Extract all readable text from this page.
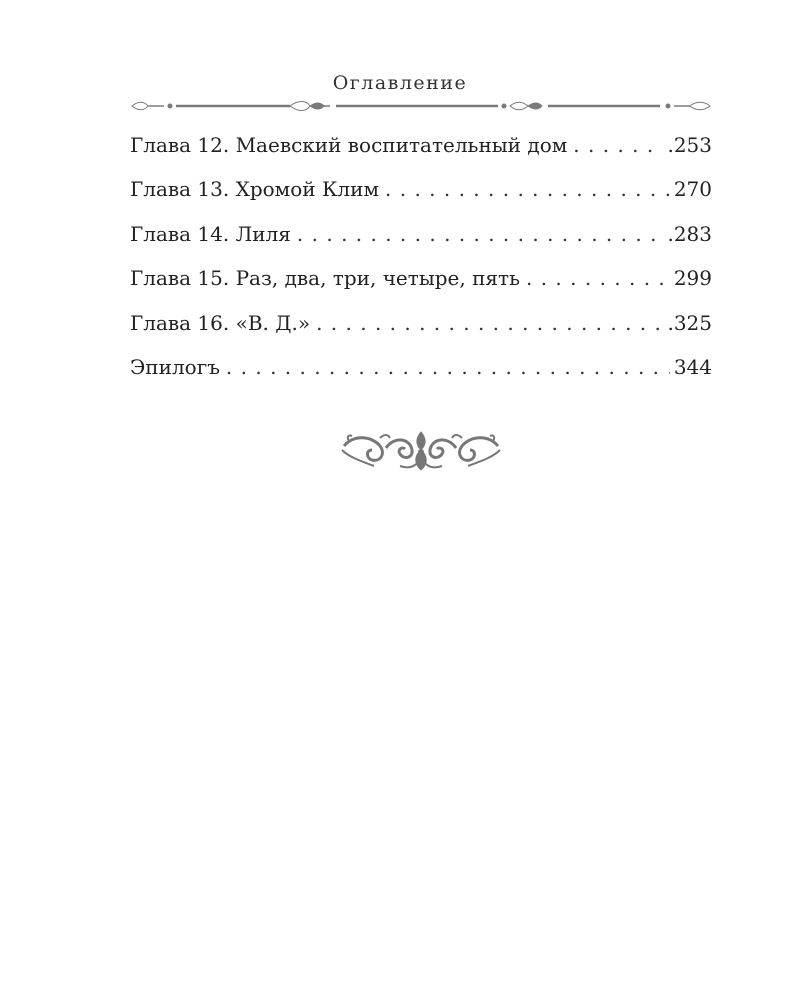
Оглавление
Глава 12. Маевский воспитательный дом . . .	.253
Глава 13. Хромой Клим . . .	270
Глава 14. Лиля . . .	.283
Глава 15. Раз, два, три, четыре, пять . . .	299
Глава 16. «В. Д.» . . .	.325
Эпилогъ . . .	344
